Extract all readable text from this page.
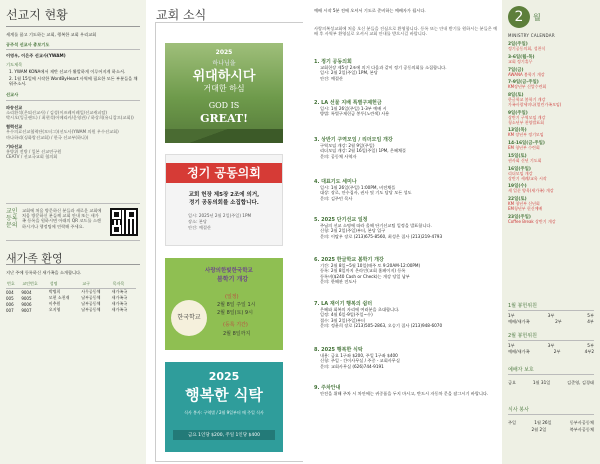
선교지 현황
세계를 품고 기도하는 교회, 행복한 교회 우리교회
공주석 선교사 총보기도
이영우, 이은주 선교사(YWAM)
기도제목
1. YWAM KONA에서 제반 선교가 활발하게 이루어지게 하소서.
2. 1월 15일에 시작한 WordByHeart 사역에 필요한 모든 부분들을 채워주소서.
선교사
파송선교
소리환석(은퇴선교사) / 김성(이즈레이레일/선교캐피탈)
박시오(잉글랜드) / 최현석(아메리카/운영관) / 하상희(유니캄프(교회))
협력선교
우수의료선교협력단(모터그)(선도사(YWAM 의원 우수선교회)
마나하리(싱화랑선교회) / 한국 선교부(하나))
기타선교
홍방위 전방 / 일본 선교연구원
CEATV / 선교국교회 협의회
교인등록문의
교회에 처음 방문하신 분들과 새로운 교회에 처음 방문하신 분들께 교회 안내 또는 새가족 등록을 원하시면 아래의 QR 코드를 스캔하시거나 행정팀에 연락해 주세요.
새가족 환영
지난 주에 등록하신 새가족을 소개합니다.
번호	교인번호	성명	교구	목자목
004	9004	박병희	사무공동체	새가족국
005	9005	모현 소천재	남부공동체	새가족국
006	9006	이추원	남부공동체	새가족국
007	9007	오지영	남부공동체	새가족국
교회 소식
2025
하나님을
위대하시다
거대한 하심
GOD IS
GREAT!
정기 공동의회
교회 헌장 제5장 2조에 의거,
정기 공동의회를 소집합니다.
일시: 2025년 2월 2일(주일) 1PM
장소: 본당
안건: 예결산
한국학교
사랑의한빛한국학교
봄학기 개강
(일정)
2월 8일 주일 1시
2월 8일(토) 9시
(등록 기간)
2월 8일까지
2025
행복한 식탁
식사 봉사: 구역별 / 2월 9일부터 매 주일 식사
금요 1인당 $200, 주일 1인당 $400
예배 시작 5분 전에 오셔서 기도로 준비하는 예배자가 됩시다.
사랑의복성교회에 처음 오신 분들을 진심으로 환영합니다. 등록 또는 안내 받기를 원하시는 분들은 예배 후 사역부 환영실로 오셔서 교회 안내를 받으시길 바랍니다.
1. 정기 공동의회
교회헌장 제5장 2조에 의거 다음과 같이 정기 공동의회를 소집합니다.
일시: 2월 2일(주일) 1PM, 본당
안건: 예결산
2. LA 선물 지배 특별구제헌금
일시: 1월 26일(주일) 1-3부 예배 시
방법: 특별구제헌금 봉투(노란색) 사용
3. 상반기 구역모임 / 리더모임 개강
구역모임 개강: 2월 9일(주일)
리더모임 개강: 2월 16일(주일) 1PM, 은혜채플
문의: 공동체 사역자
4. 대표기도 세미나
일시: 1월 26일(주일) 1:00PM, 비전채플
대상: 장로, 안수집사, 권사 및 기도 담당 모든 성도
문의: 김주민 목사
5. 2025 단기선교 일정
주님의 선교 소명에 따라 올해 단기선교팀 일정을 발표합니다.
신청: 2월 2일(주일)부터, 본당 입구
문의: 이탈우 장로 (213)675-8560, 최성은 집사 (213)219-4793
6. 2025 한글학교 봄학기 개강
기간: 2월 8일~5월 10일(매주 토 9:20AM-12:00PM)
등록: 2월 8일까지 온라인(교회 홈페이지) 등록
등록비($240 Cash or Check)는 개강 당일 납부
문의: 한해관 전도사
7. LA 재이기 행복의 쉼터
은혜와 회복의 자리에 여러분을 초대합니다.
일정: 4월 6일-9일(주일~수)
접수: 3월 2일(주일)부터
문의: 정윤희 장로 (213)505-2863, 오승기 집사 (213)948-6070
8. 2025 행복한 식탁
내용: 금요 1구좌 $200, 주일 1구좌 $400
신청: 주일 - 간이사무실 / 주중 - 교회사무실
문의: 교회사무실 (626)744-9191
9. 주차안내
안전을 위해 주차 시 차안에는 귀중품을 두지 마시고, 반드시 자동차 문을 잠그시기 바랍니다.
2	월
MINISTRY CALENDAR
2일(주일)
정기공동의회, 성찬식
3-6일(월-목)
교회 정기휴무
7일(금)
AWANA 봄학기 개강
7-9일(금-주일)
KM장년부 신앙수련회
8일(토)
한글학교 봄학기 개강
가족사랑세미나(열린가족모임)
9일(주일)
상반기 구역모임 개강
청소년부 찬양발표회
13일(목)
KM 장년부 정기모임
14-16일(금-주일)
EM 청년부 수련회
15일(토)
권사회 신년 기도회
16일(주일)
리더모임 개강
상반기 세례/교육 시작
19일(수)
새 일꾼 양육(새가족) 개강
22일(토)
KM 청년부 신년회
EM청년부 헌신예배
23일(주일)
Coffee Break 상반기 개강
1월 봉헌위원
1부	3부	5부
예배/새가족	2부	4부
2월 봉헌위원
1부	3부	5부
예배/새가족	2부	4부2
예배자 보호
금요	1월 31일	김준영, 김경태
식사 봉사
주일	1월 26일	동부사공동체
2월 2일	북부사공동체
